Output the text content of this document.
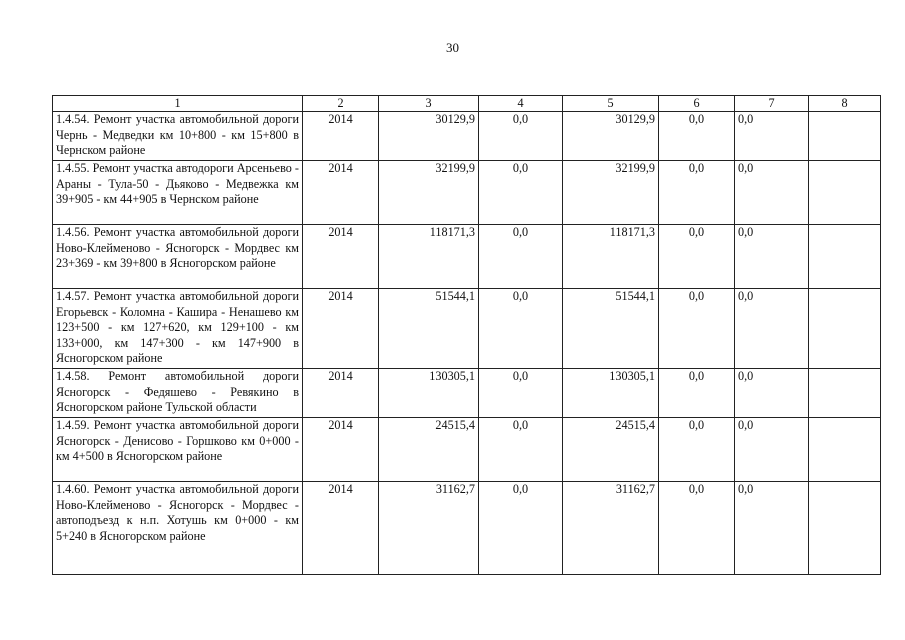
30
1	2	3	4	5	6	7	8
1.4.54. Ремонт участка автомобильной дороги Чернь - Медведки км 10+800 - км 15+800 в Чернском районе	2014	30129,9	0,0	30129,9	0,0	0,0	
1.4.55. Ремонт участка автодороги Арсеньево - Араны - Тула-50 - Дьяково - Медвежка км 39+905 - км 44+905 в Чернском районе	2014	32199,9	0,0	32199,9	0,0	0,0	
1.4.56. Ремонт участка автомобильной дороги Ново-Клейменово - Ясногорск - Мордвес км 23+369 - км 39+800 в Ясногорском районе	2014	118171,3	0,0	118171,3	0,0	0,0	
1.4.57. Ремонт участка автомобильной дороги Егорьевск - Коломна - Кашира - Ненашево км 123+500 - км 127+620, км 129+100 - км 133+000, км 147+300 - км 147+900 в Ясногорском районе	2014	51544,1	0,0	51544,1	0,0	0,0	
1.4.58. Ремонт автомобильной дороги Ясногорск - Федяшево - Ревякино в Ясногорском районе Тульской области	2014	130305,1	0,0	130305,1	0,0	0,0	
1.4.59. Ремонт участка автомобильной дороги Ясногорск - Денисово - Горшково км 0+000 - км 4+500 в Ясногорском районе	2014	24515,4	0,0	24515,4	0,0	0,0	
1.4.60. Ремонт участка автомобильной дороги Ново-Клейменово - Ясногорск - Мордвес - автоподъезд к н.п. Хотушь км 0+000 - км 5+240 в Ясногорском районе	2014	31162,7	0,0	31162,7	0,0	0,0	
